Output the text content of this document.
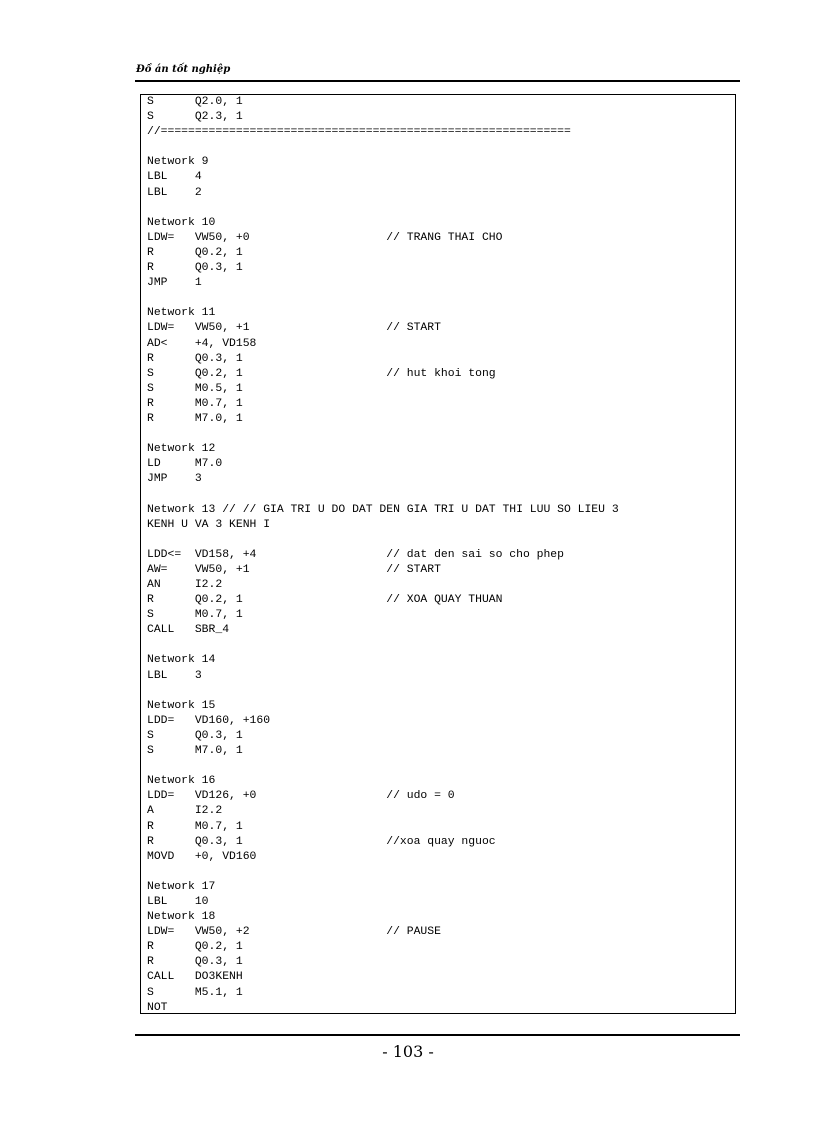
Đồ án tốt nghiệp
S      Q2.0, 1
S      Q2.3, 1
//============================================================

Network 9
LBL    4
LBL    2

Network 10
LDW=   VW50, +0                    // TRANG THAI CHO
R      Q0.2, 1
R      Q0.3, 1
JMP    1

Network 11
LDW=   VW50, +1                    // START
AD<    +4, VD158
R      Q0.3, 1
S      Q0.2, 1                     // hut khoi tong
S      M0.5, 1
R      M0.7, 1
R      M7.0, 1

Network 12
LD     M7.0
JMP    3

Network 13 // // GIA TRI U DO DAT DEN GIA TRI U DAT THI LUU SO LIEU 3
KENH U VA 3 KENH I

LDD<=  VD158, +4                   // dat den sai so cho phep
AW=    VW50, +1                    // START
AN     I2.2
R      Q0.2, 1                     // XOA QUAY THUAN
S      M0.7, 1
CALL   SBR_4

Network 14
LBL    3

Network 15
LDD=   VD160, +160
S      Q0.3, 1
S      M7.0, 1

Network 16
LDD=   VD126, +0                   // udo = 0
A      I2.2
R      M0.7, 1
R      Q0.3, 1                     //xoa quay nguoc
MOVD   +0, VD160

Network 17
LBL    10
Network 18
LDW=   VW50, +2                    // PAUSE
R      Q0.2, 1
R      Q0.3, 1
CALL   DO3KENH
S      M5.1, 1
NOT
- 103 -
